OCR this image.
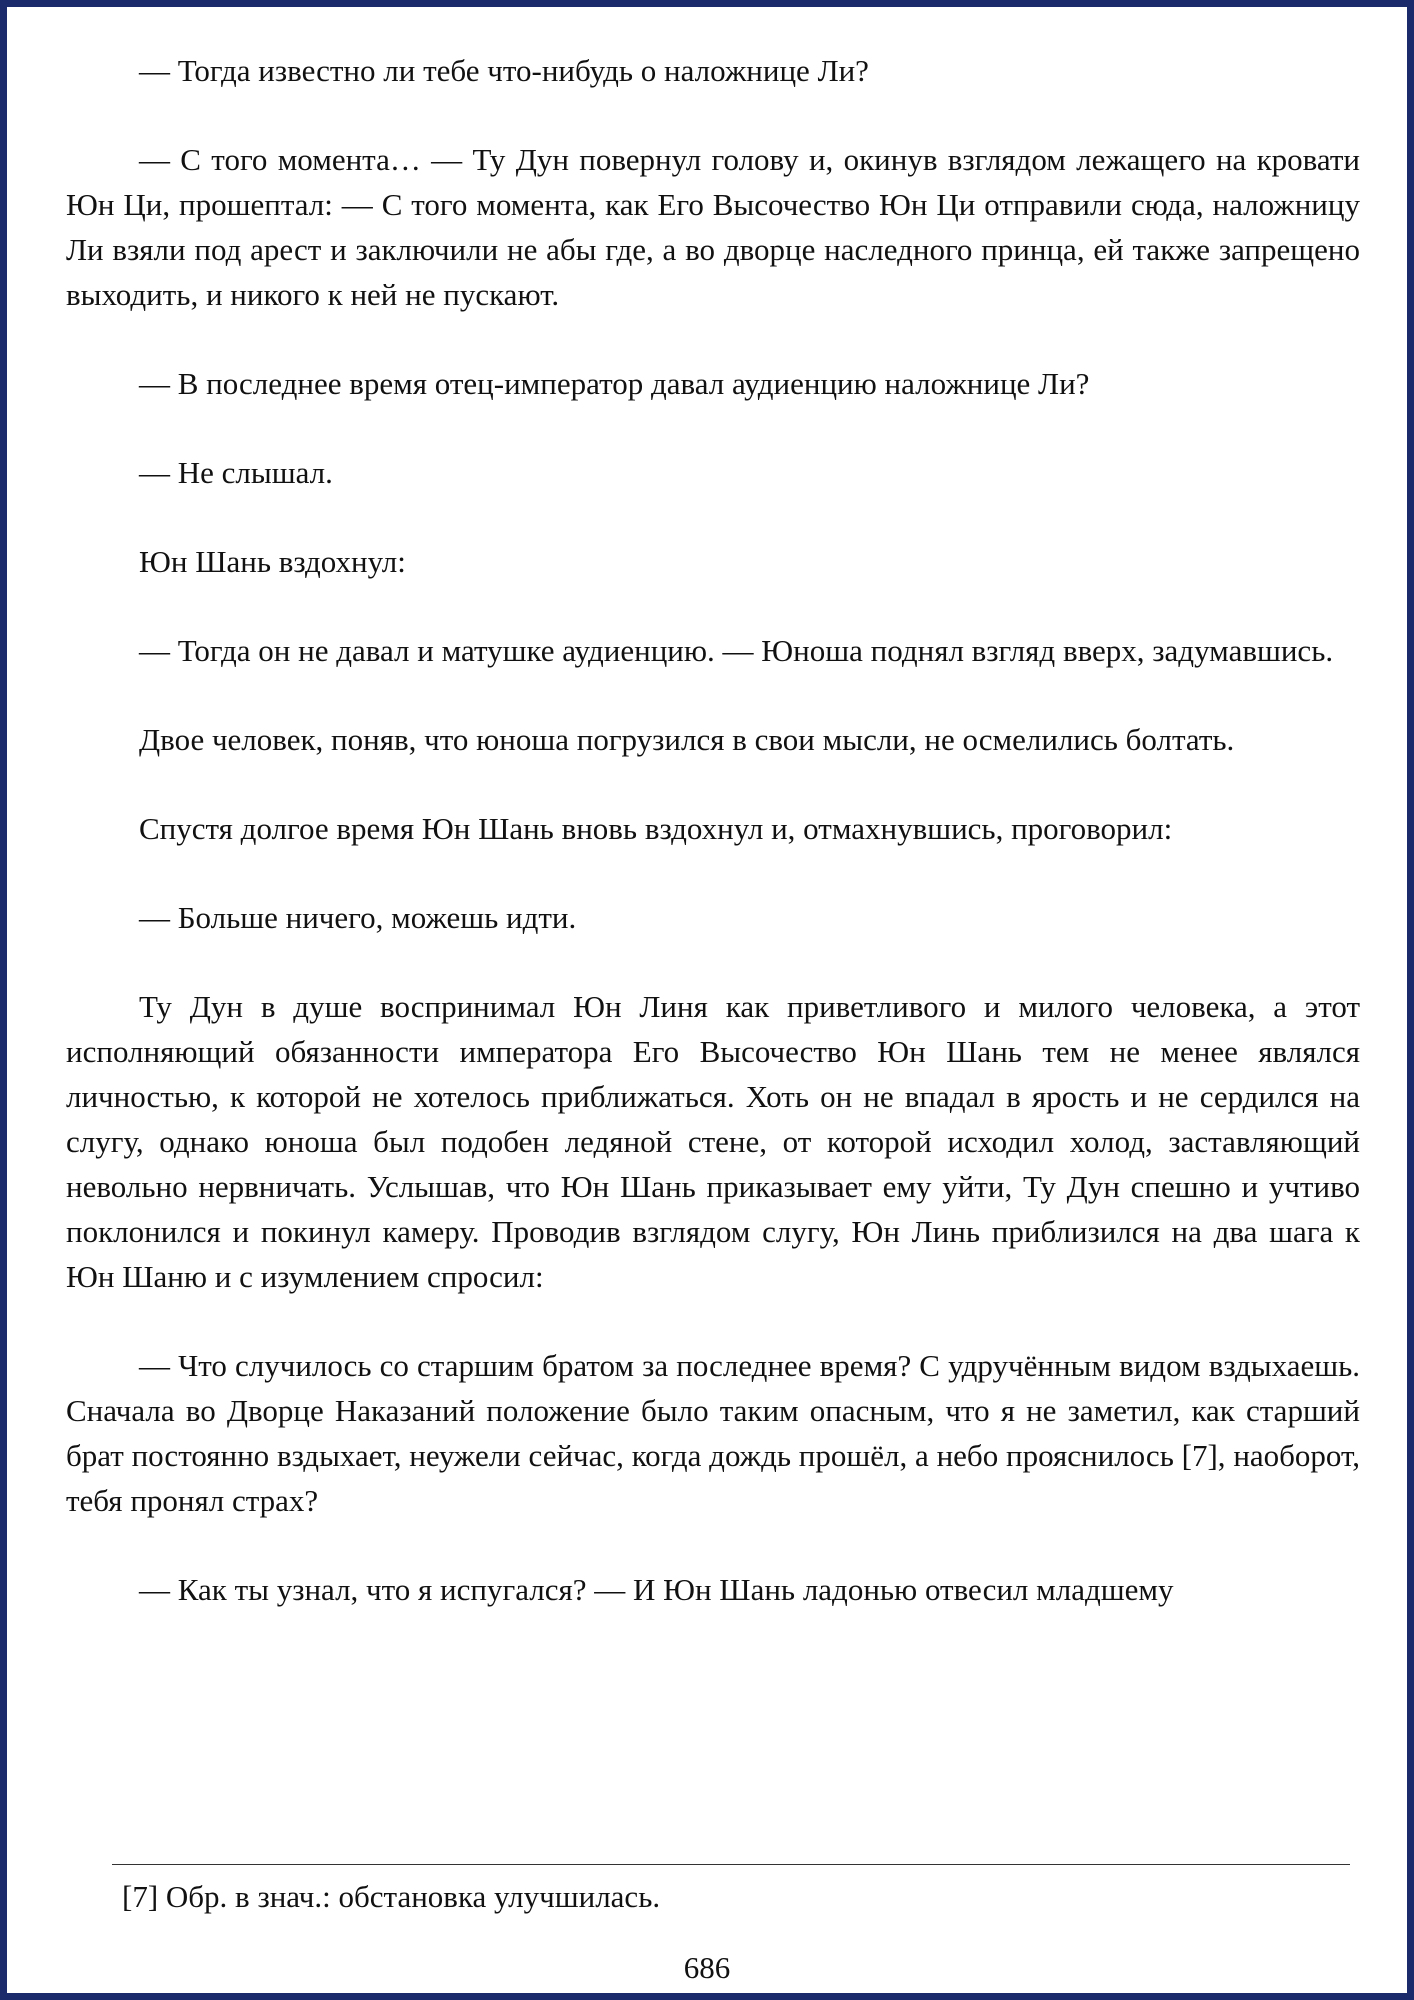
— Тогда известно ли тебе что-нибудь о наложнице Ли?

— С того момента… — Ту Дун повернул голову и, окинув взглядом лежащего на кровати Юн Ци, прошептал: — С того момента, как Его Высочество Юн Ци отправили сюда, наложницу Ли взяли под арест и заключили не абы где, а во дворце наследного принца, ей также запрещено выходить, и никого к ней не пускают.

— В последнее время отец-император давал аудиенцию наложнице Ли?

— Не слышал.

Юн Шань вздохнул:

— Тогда он не давал и матушке аудиенцию. — Юноша поднял взгляд вверх, задумавшись.

Двое человек, поняв, что юноша погрузился в свои мысли, не осмелились болтать.

Спустя долгое время Юн Шань вновь вздохнул и, отмахнувшись, проговорил:

— Больше ничего, можешь идти.

Ту Дун в душе воспринимал Юн Линя как приветливого и милого человека, а этот исполняющий обязанности императора Его Высочество Юн Шань тем не менее являлся личностью, к которой не хотелось приближаться. Хоть он не впадал в ярость и не сердился на слугу, однако юноша был подобен ледяной стене, от которой исходил холод, заставляющий невольно нервничать. Услышав, что Юн Шань приказывает ему уйти, Ту Дун спешно и учтиво поклонился и покинул камеру. Проводив взглядом слугу, Юн Линь приблизился на два шага к Юн Шаню и с изумлением спросил:

— Что случилось со старшим братом за последнее время? С удручённым видом вздыхаешь. Сначала во Дворце Наказаний положение было таким опасным, что я не заметил, как старший брат постоянно вздыхает, неужели сейчас, когда дождь прошёл, а небо прояснилось [7], наоборот, тебя пронял страх?

— Как ты узнал, что я испугался? — И Юн Шань ладонью отвесил младшему

[7] Обр. в знач.: обстановка улучшилась.

686
